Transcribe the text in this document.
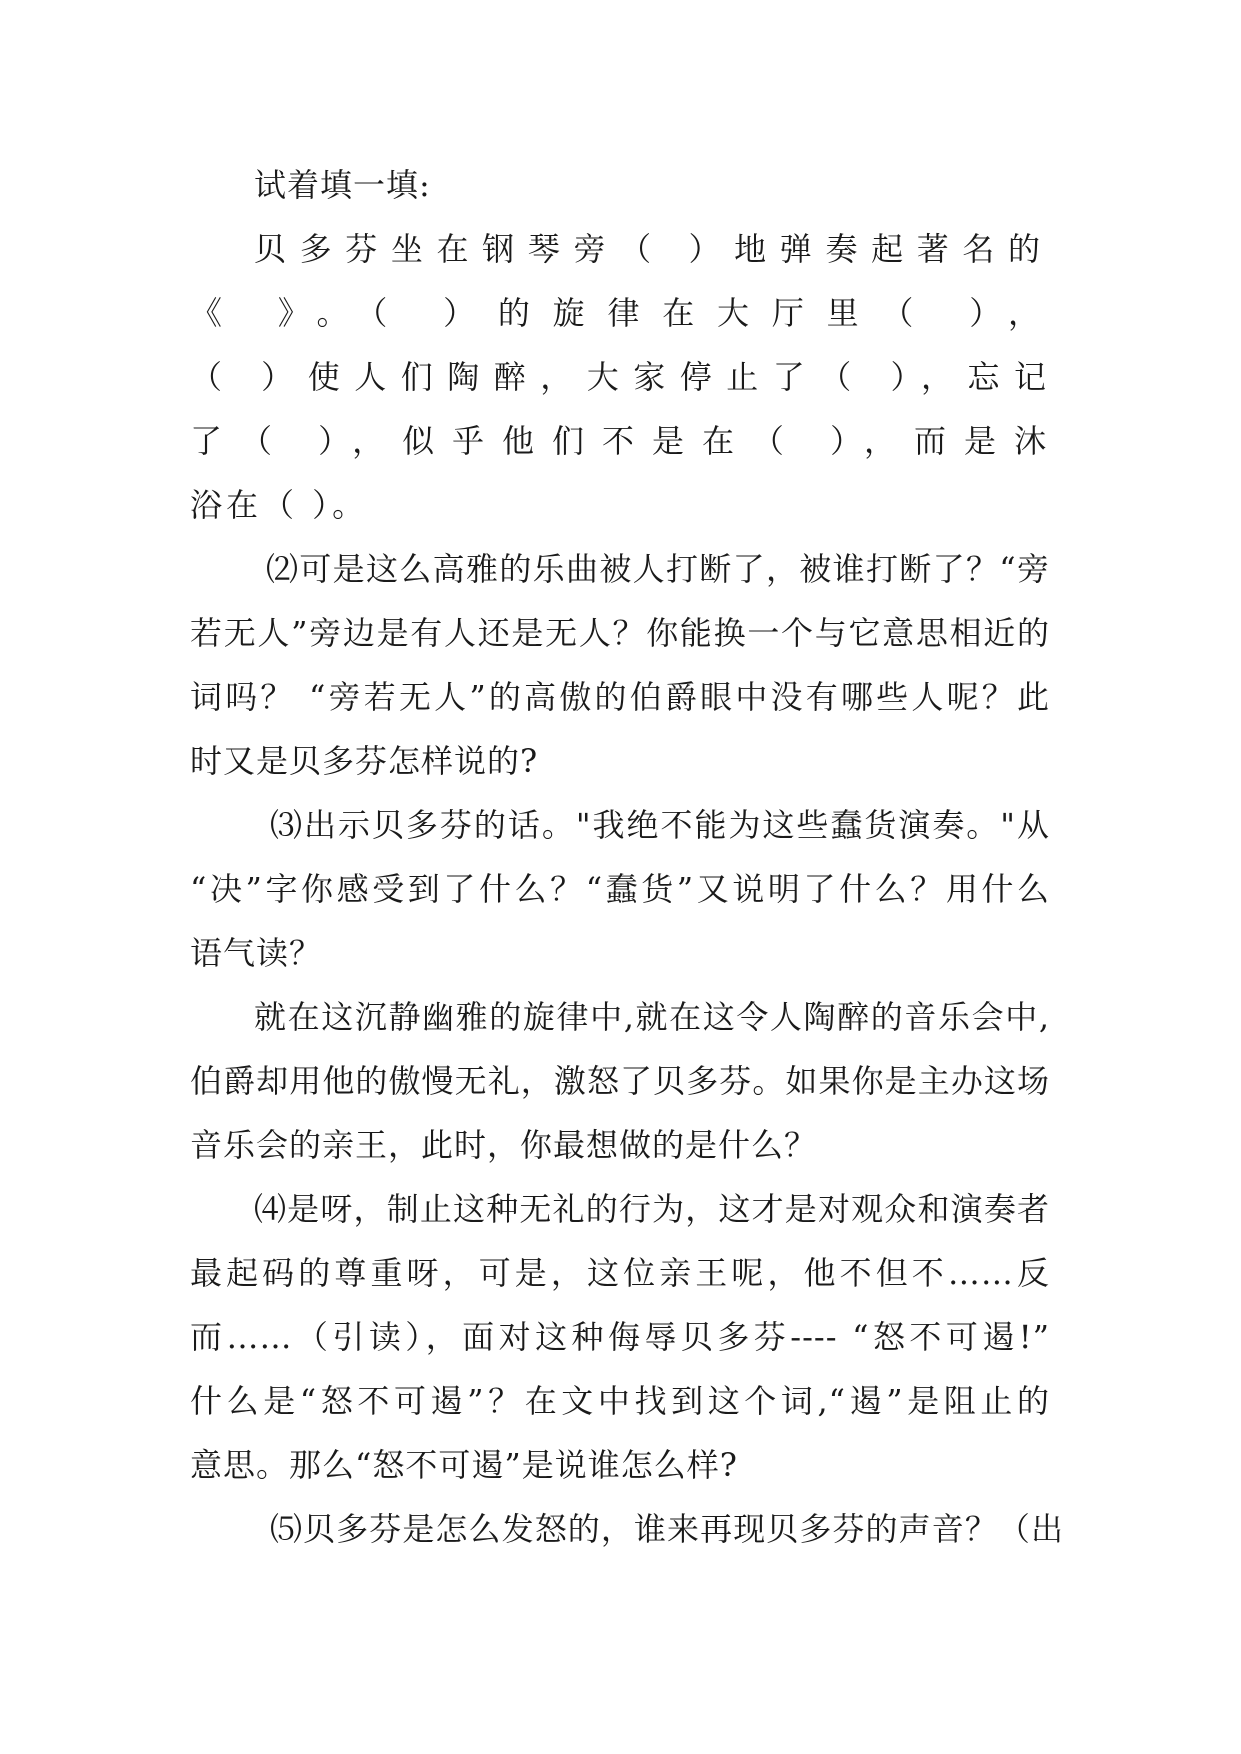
试着填一填:
贝多芬坐在钢琴旁（ ）地弹奏起著名的
《 》。（ ）的旋律在大厅里（ ），
（ ）使人们陶醉，大家停止了（ ），忘记
了（ ），似乎他们不是在（ ），而是沐
浴在（ ）。
⑵可是这么高雅的乐曲被人打断了，被谁打断了？“旁
若无人”旁边是有人还是无人？你能换一个与它意思相近的
词吗？ “旁若无人”的高傲的伯爵眼中没有哪些人呢？此
时又是贝多芬怎样说的?
⑶出示贝多芬的话。"我绝不能为这些蠢货演奏。"从
“决”字你感受到了什么？“蠢货”又说明了什么？用什么
语气读？
就在这沉静幽雅的旋律中,就在这令人陶醉的音乐会中,
伯爵却用他的傲慢无礼，激怒了贝多芬。如果你是主办这场
音乐会的亲王，此时，你最想做的是什么？
⑷是呀，制止这种无礼的行为，这才是对观众和演奏者
最起码的尊重呀，可是，这位亲王呢，他不但不……反
而……（引读），面对这种侮辱贝多芬---- “怒不可遏!”
什么是“怒不可遏”？在文中找到这个词,“遏”是阻止的
意思。那么“怒不可遏”是说谁怎么样?
⑸贝多芬是怎么发怒的，谁来再现贝多芬的声音？（出
